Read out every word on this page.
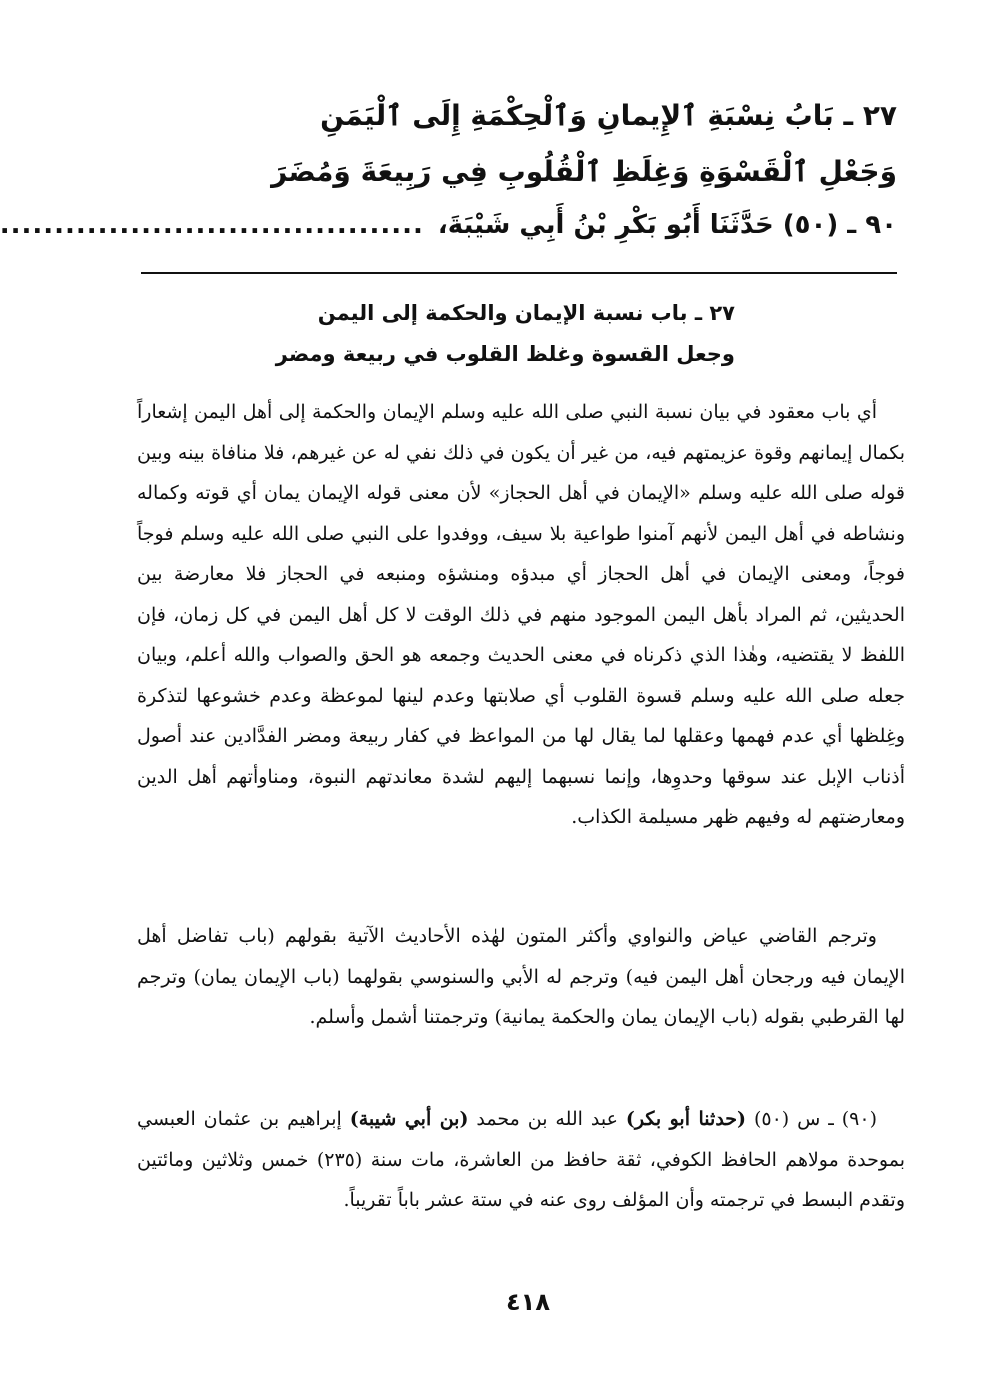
٢٧ ـ بَابُ نِسْبَةِ ٱلإِيمانِ وَٱلْحِكْمَةِ إِلَى ٱلْيَمَنِ
وَجَعْلِ ٱلْقَسْوَةِ وَغِلَظِ ٱلْقُلُوبِ فِي رَبِيعَةَ وَمُضَرَ
٩٠ ـ (٥٠) حَدَّثَنَا أَبُو بَكْرِ بْنُ أَبِي شَيْبَةَ،
.......................................
٢٧ ـ باب نسبة الإيمان والحكمة إلى اليمن
وجعل القسوة وغلظ القلوب في ربيعة ومضر
أي باب معقود في بيان نسبة النبي صلى الله عليه وسلم الإيمان والحكمة إلى أهل اليمن إشعاراً بكمال إيمانهم وقوة عزيمتهم فيه، من غير أن يكون في ذلك نفي له عن غيرهم، فلا منافاة بينه وبين قوله صلى الله عليه وسلم «الإيمان في أهل الحجاز» لأن معنى قوله الإيمان يمان أي قوته وكماله ونشاطه في أهل اليمن لأنهم آمنوا طواعية بلا سيف، ووفدوا على النبي صلى الله عليه وسلم فوجاً فوجاً، ومعنى الإيمان في أهل الحجاز أي مبدؤه ومنشؤه ومنبعه في الحجاز فلا معارضة بين الحديثين، ثم المراد بأهل اليمن الموجود منهم في ذلك الوقت لا كل أهل اليمن في كل زمان، فإن اللفظ لا يقتضيه، وهٰذا الذي ذكرناه في معنى الحديث وجمعه هو الحق والصواب والله أعلم، وبيان جعله صلى الله عليه وسلم قسوة القلوب أي صلابتها وعدم لينها لموعظة وعدم خشوعها لتذكرة وغِلظها أي عدم فهمها وعقلها لما يقال لها من المواعظ في كفار ربيعة ومضر الفدَّادين عند أصول أذناب الإبل عند سوقها وحدوِها، وإنما نسبهما إليهم لشدة معاندتهم النبوة، ومناوأتهم أهل الدين ومعارضتهم له وفيهم ظهر مسيلمة الكذاب.
وترجم القاضي عياض والنواوي وأكثر المتون لهٰذه الأحاديث الآتية بقولهم (باب تفاضل أهل الإيمان فيه ورجحان أهل اليمن فيه) وترجم له الأبي والسنوسي بقولهما (باب الإيمان يمان) وترجم لها القرطبي بقوله (باب الإيمان يمان والحكمة يمانية) وترجمتنا أشمل وأسلم.
(٩٠) ـ س (٥٠) (حدثنا أبو بكر) عبد الله بن محمد (بن أبي شيبة) إبراهيم بن عثمان العبسي بموحدة مولاهم الحافظ الكوفي، ثقة حافظ من العاشرة، مات سنة (٢٣٥) خمس وثلاثين ومائتين وتقدم البسط في ترجمته وأن المؤلف روى عنه في ستة عشر باباً تقريباً.
٤١٨
